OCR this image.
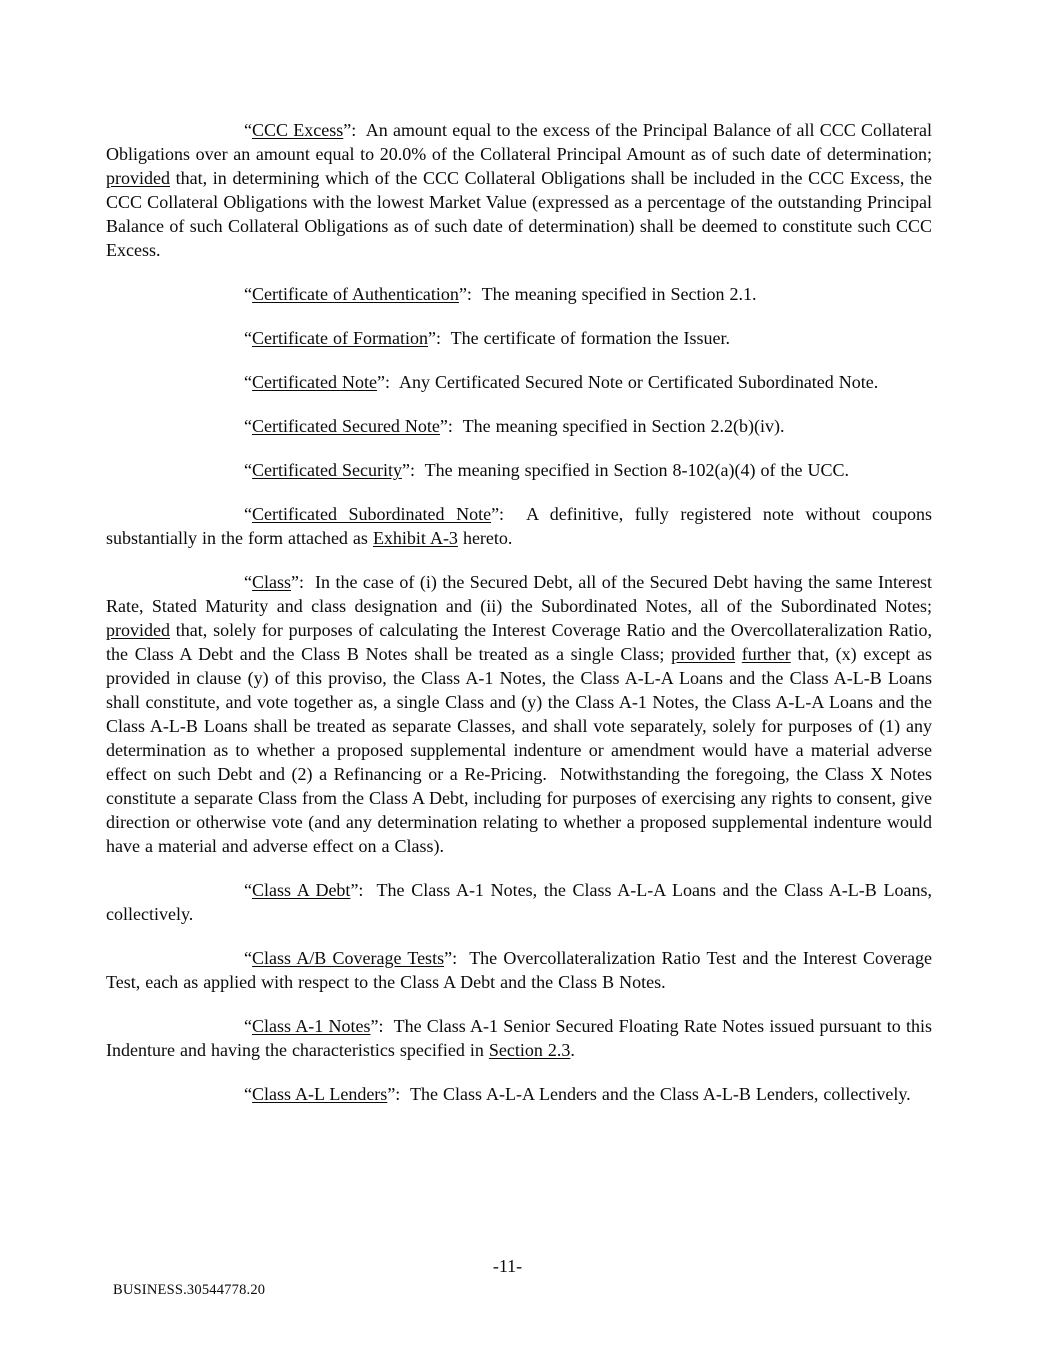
“CCC Excess”:  An amount equal to the excess of the Principal Balance of all CCC Collateral Obligations over an amount equal to 20.0% of the Collateral Principal Amount as of such date of determination; provided that, in determining which of the CCC Collateral Obligations shall be included in the CCC Excess, the CCC Collateral Obligations with the lowest Market Value (expressed as a percentage of the outstanding Principal Balance of such Collateral Obligations as of such date of determination) shall be deemed to constitute such CCC Excess.

“Certificate of Authentication”:  The meaning specified in Section 2.1.

“Certificate of Formation”:  The certificate of formation the Issuer.

“Certificated Note”:  Any Certificated Secured Note or Certificated Subordinated Note.

“Certificated Secured Note”:  The meaning specified in Section 2.2(b)(iv).

“Certificated Security”:  The meaning specified in Section 8-102(a)(4) of the UCC.

“Certificated Subordinated Note”:  A definitive, fully registered note without coupons substantially in the form attached as Exhibit A-3 hereto.

“Class”:  In the case of (i) the Secured Debt, all of the Secured Debt having the same Interest Rate, Stated Maturity and class designation and (ii) the Subordinated Notes, all of the Subordinated Notes; provided that, solely for purposes of calculating the Interest Coverage Ratio and the Overcollateralization Ratio, the Class A Debt and the Class B Notes shall be treated as a single Class; provided further that, (x) except as provided in clause (y) of this proviso, the Class A-1 Notes, the Class A-L-A Loans and the Class A-L-B Loans shall constitute, and vote together as, a single Class and (y) the Class A-1 Notes, the Class A-L-A Loans and the Class A-L-B Loans shall be treated as separate Classes, and shall vote separately, solely for purposes of (1) any determination as to whether a proposed supplemental indenture or amendment would have a material adverse effect on such Debt and (2) a Refinancing or a Re-Pricing.  Notwithstanding the foregoing, the Class X Notes constitute a separate Class from the Class A Debt, including for purposes of exercising any rights to consent, give direction or otherwise vote (and any determination relating to whether a proposed supplemental indenture would have a material and adverse effect on a Class).

“Class A Debt”:  The Class A-1 Notes, the Class A-L-A Loans and the Class A-L-B Loans, collectively.

“Class A/B Coverage Tests”:  The Overcollateralization Ratio Test and the Interest Coverage Test, each as applied with respect to the Class A Debt and the Class B Notes.

“Class A-1 Notes”:  The Class A-1 Senior Secured Floating Rate Notes issued pursuant to this Indenture and having the characteristics specified in Section 2.3.

“Class A-L Lenders”:  The Class A-L-A Lenders and the Class A-L-B Lenders, collectively.

-11-
BUSINESS.30544778.20
